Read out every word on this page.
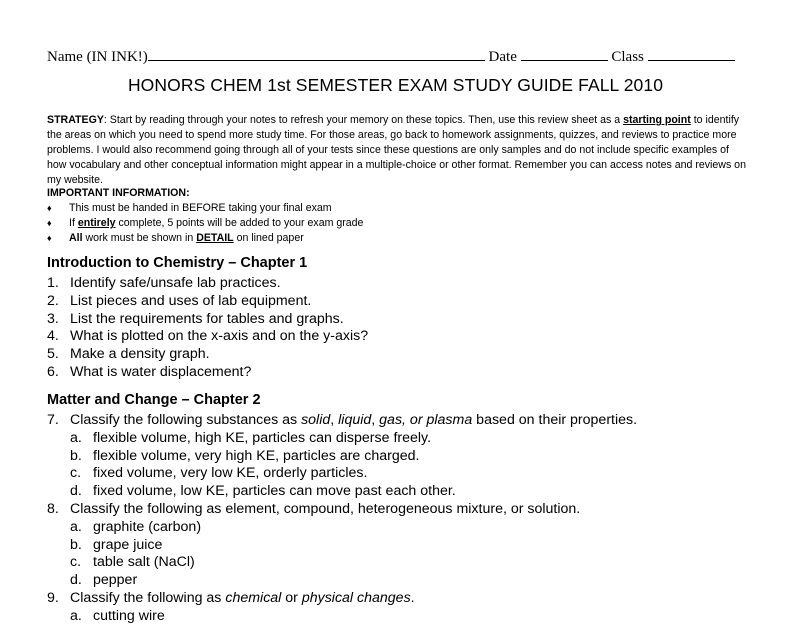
Name (IN INK!)	Date	Class
HONORS CHEM 1st SEMESTER EXAM STUDY GUIDE FALL 2010
STRATEGY: Start by reading through your notes to refresh your memory on these topics. Then, use this review sheet as a starting point to identify the areas on which you need to spend more study time. For those areas, go back to homework assignments, quizzes, and reviews to practice more problems. I would also recommend going through all of your tests since these questions are only samples and do not include specific examples of how vocabulary and other conceptual information might appear in a multiple-choice or other format. Remember you can access notes and reviews on my website.
IMPORTANT INFORMATION:
♦ This must be handed in BEFORE taking your final exam
♦ If entirely complete, 5 points will be added to your exam grade
♦ All work must be shown in DETAIL on lined paper
Introduction to Chemistry – Chapter 1
1. Identify safe/unsafe lab practices.
2. List pieces and uses of lab equipment.
3. List the requirements for tables and graphs.
4. What is plotted on the x-axis and on the y-axis?
5. Make a density graph.
6. What is water displacement?
Matter and Change – Chapter 2
7. Classify the following substances as solid, liquid, gas, or plasma based on their properties.
a. flexible volume, high KE, particles can disperse freely.
b. flexible volume, very high KE, particles are charged.
c. fixed volume, very low KE, orderly particles.
d. fixed volume, low KE, particles can move past each other.
8. Classify the following as element, compound, heterogeneous mixture, or solution.
a. graphite (carbon)
b. grape juice
c. table salt (NaCl)
d. pepper
9. Classify the following as chemical or physical changes.
a. cutting wire
